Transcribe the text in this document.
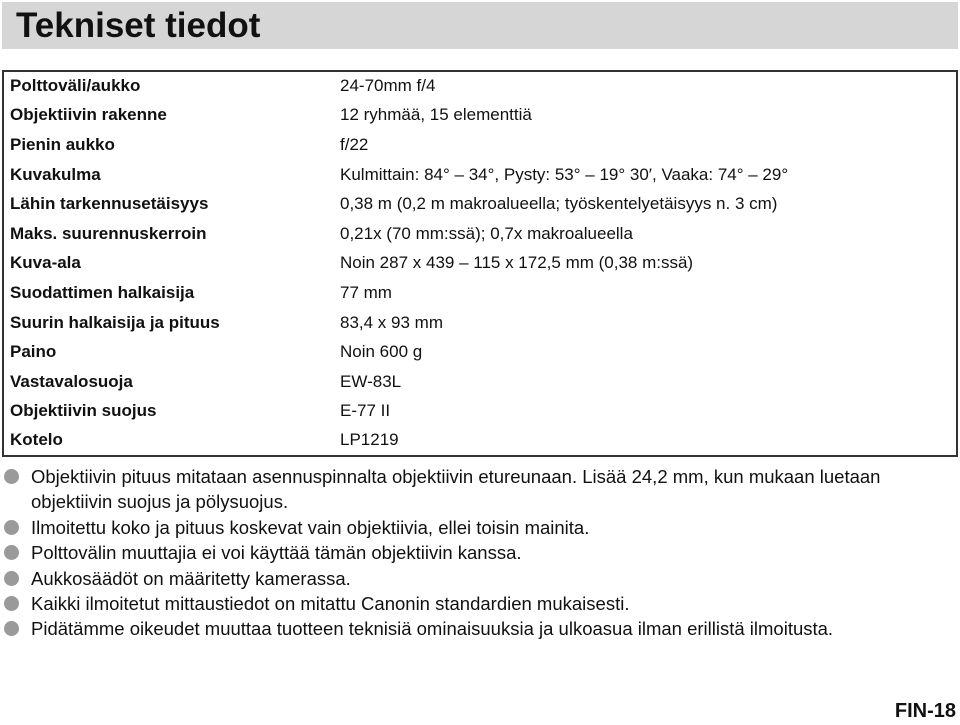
Tekniset tiedot
Polttoväli/aukko	24-70mm f/4
Objektiivin rakenne	12 ryhmää, 15 elementtiä
Pienin aukko	f/22
Kuvakulma	Kulmittain: 84° – 34°, Pysty: 53° – 19° 30′, Vaaka: 74° – 29°
Lähin tarkennusetäisyys	0,38 m (0,2 m makroalueella; työskentelyetäisyys n. 3 cm)
Maks. suurennuskerroin	0,21x (70 mm:ssä); 0,7x makroalueella
Kuva-ala	Noin 287 x 439 – 115 x 172,5 mm (0,38 m:ssä)
Suodattimen halkaisija	77 mm
Suurin halkaisija ja pituus	83,4 x 93 mm
Paino	Noin 600 g
Vastavalosuoja	EW-83L
Objektiivin suojus	E-77 II
Kotelo	LP1219
Objektiivin pituus mitataan asennuspinnalta objektiivin etureunaan. Lisää 24,2 mm, kun mukaan luetaan objektiivin suojus ja pölysuojus.
Ilmoitettu koko ja pituus koskevat vain objektiivia, ellei toisin mainita.
Polttovälin muuttajia ei voi käyttää tämän objektiivin kanssa.
Aukkosäädöt on määritetty kamerassa.
Kaikki ilmoitetut mittaustiedot on mitattu Canonin standardien mukaisesti.
Pidätämme oikeudet muuttaa tuotteen teknisiä ominaisuuksia ja ulkoasua ilman erillistä ilmoitusta.
FIN-18
